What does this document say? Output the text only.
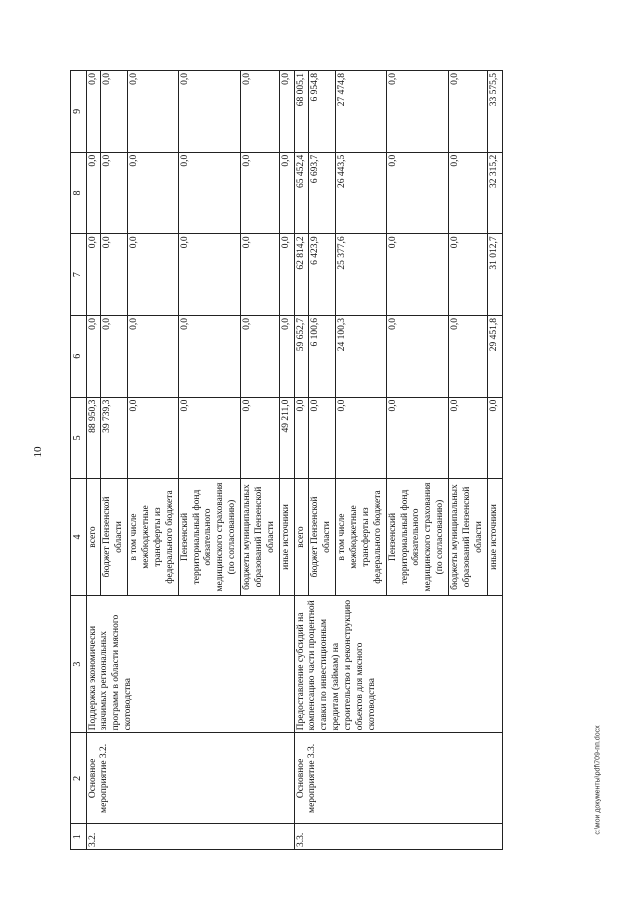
10
c:\мои документы\pdf\709-пп.docx
1	2	3	4	5	6	7	8	9
3.2.	Основное мероприятие 3.2.	Поддержка экономически значимых региональных программ в области мясного скотоводства	всего	88 950,3	0,0	0,0	0,0	0,0
			бюджет Пензенской области	39 739,3	0,0	0,0	0,0	0,0
			в том числе межбюджетные трансферты из федерального бюджета	0,0	0,0	0,0	0,0	0,0
			Пензенский территориальный фонд обязательного медицинского страхования (по согласованию)	0,0	0,0	0,0	0,0	0,0
			бюджеты муниципальных образований Пензенской области	0,0	0,0	0,0	0,0	0,0
			иные источники	49 211,0	0,0	0,0	0,0	0,0
3.3.	Основное мероприятие 3.3.	Предоставление субсидий на компенсацию части процентной ставки по инвестиционным кредитам (займам) на строительство и реконструкцию объектов для мясного скотоводства	всего	0,0	59 652,7	62 814,2	65 452,4	68 005,1
			бюджет Пензенской области	0,0	6 100,6	6 423,9	6 693,7	6 954,8
			в том числе межбюджетные трансферты из федерального бюджета	0,0	24 100,3	25 377,6	26 443,5	27 474,8
			Пензенский территориальный фонд обязательного медицинского страхования (по согласованию)	0,0	0,0	0,0	0,0	0,0
			бюджеты муниципальных образований Пензенской области	0,0	0,0	0,0	0,0	0,0
			иные источники	0,0	29 451,8	31 012,7	32 315,2	33 575,5
